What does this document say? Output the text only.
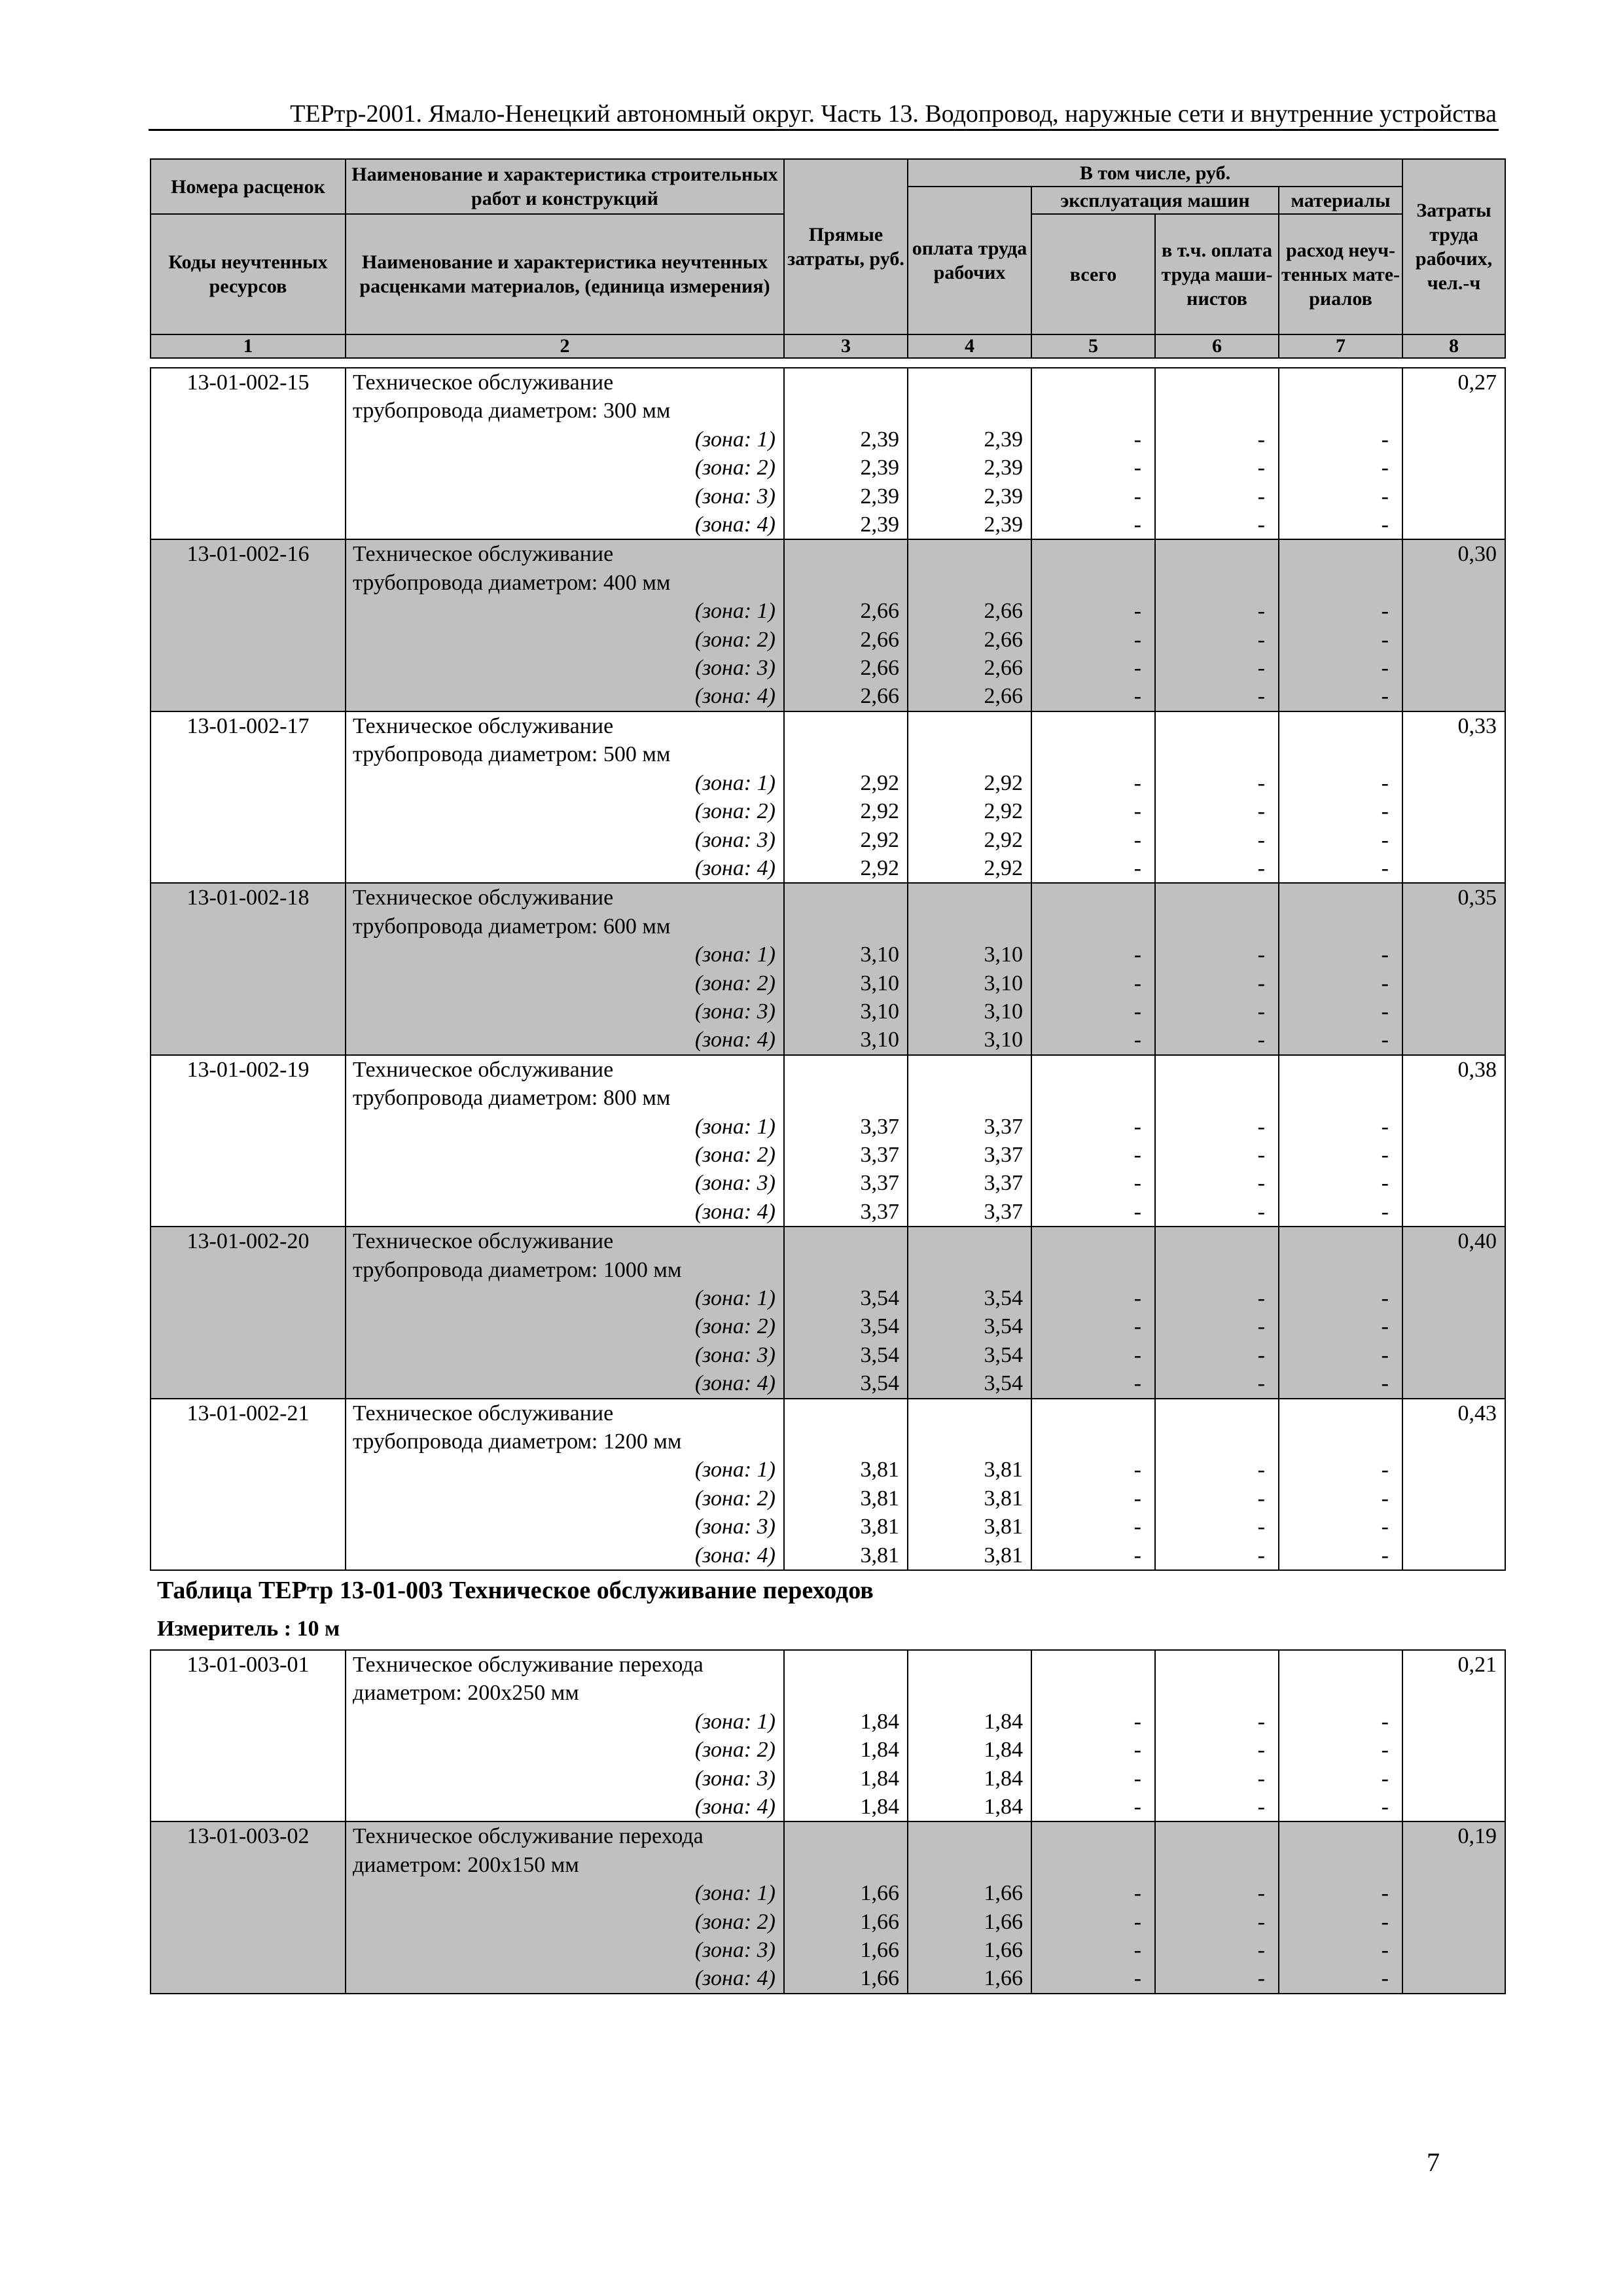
ТЕРтр-2001. Ямало-Ненецкий автономный округ. Часть 13. Водопровод, наружные сети и внутренние устройства
Номера расценок	Наименование и характеристика строительных работ и конструкций	Прямые затраты, руб.	В том числе, руб.				Затраты труда рабочих, чел.-ч
			оплата труда рабочих	эксплуатация машин		материалы	
Коды неучтенных ресурсов	Наименование и характеристика неучтенных расценками материалов, (единица измерения)			всего	в т.ч. оплата труда маши- нистов	расход неуч- тенных мате- риалов	

1	2	3	4	5	6	7	8
13-01-002-15	Техническое обслуживание						0,27
	трубопровода диаметром: 300 мм						
	(зона: 1)	2,39	2,39	-	-	-	
	(зона: 2)	2,39	2,39	-	-	-	
	(зона: 3)	2,39	2,39	-	-	-	
	(зона: 4)	2,39	2,39	-	-	-	
13-01-002-16	Техническое обслуживание						0,30
	трубопровода диаметром: 400 мм						
	(зона: 1)	2,66	2,66	-	-	-	
	(зона: 2)	2,66	2,66	-	-	-	
	(зона: 3)	2,66	2,66	-	-	-	
	(зона: 4)	2,66	2,66	-	-	-	
13-01-002-17	Техническое обслуживание						0,33
	трубопровода диаметром: 500 мм						
	(зона: 1)	2,92	2,92	-	-	-	
	(зона: 2)	2,92	2,92	-	-	-	
	(зона: 3)	2,92	2,92	-	-	-	
	(зона: 4)	2,92	2,92	-	-	-	
13-01-002-18	Техническое обслуживание						0,35
	трубопровода диаметром: 600 мм						
	(зона: 1)	3,10	3,10	-	-	-	
	(зона: 2)	3,10	3,10	-	-	-	
	(зона: 3)	3,10	3,10	-	-	-	
	(зона: 4)	3,10	3,10	-	-	-	
13-01-002-19	Техническое обслуживание						0,38
	трубопровода диаметром: 800 мм						
	(зона: 1)	3,37	3,37	-	-	-	
	(зона: 2)	3,37	3,37	-	-	-	
	(зона: 3)	3,37	3,37	-	-	-	
	(зона: 4)	3,37	3,37	-	-	-	
13-01-002-20	Техническое обслуживание						0,40
	трубопровода диаметром: 1000 мм						
	(зона: 1)	3,54	3,54	-	-	-	
	(зона: 2)	3,54	3,54	-	-	-	
	(зона: 3)	3,54	3,54	-	-	-	
	(зона: 4)	3,54	3,54	-	-	-	
13-01-002-21	Техническое обслуживание						0,43
	трубопровода диаметром: 1200 мм						
	(зона: 1)	3,81	3,81	-	-	-	
	(зона: 2)	3,81	3,81	-	-	-	
	(зона: 3)	3,81	3,81	-	-	-	
	(зона: 4)	3,81	3,81	-	-	-	
Таблица ТЕРтр 13-01-003 Техническое обслуживание переходов
Измеритель : 10 м
13-01-003-01	Техническое обслуживание перехода						0,21
	диаметром: 200х250 мм						
	(зона: 1)	1,84	1,84	-	-	-	
	(зона: 2)	1,84	1,84	-	-	-	
	(зона: 3)	1,84	1,84	-	-	-	
	(зона: 4)	1,84	1,84	-	-	-	
13-01-003-02	Техническое обслуживание перехода						0,19
	диаметром: 200х150 мм						
	(зона: 1)	1,66	1,66	-	-	-	
	(зона: 2)	1,66	1,66	-	-	-	
	(зона: 3)	1,66	1,66	-	-	-	
	(зона: 4)	1,66	1,66	-	-	-	
7
